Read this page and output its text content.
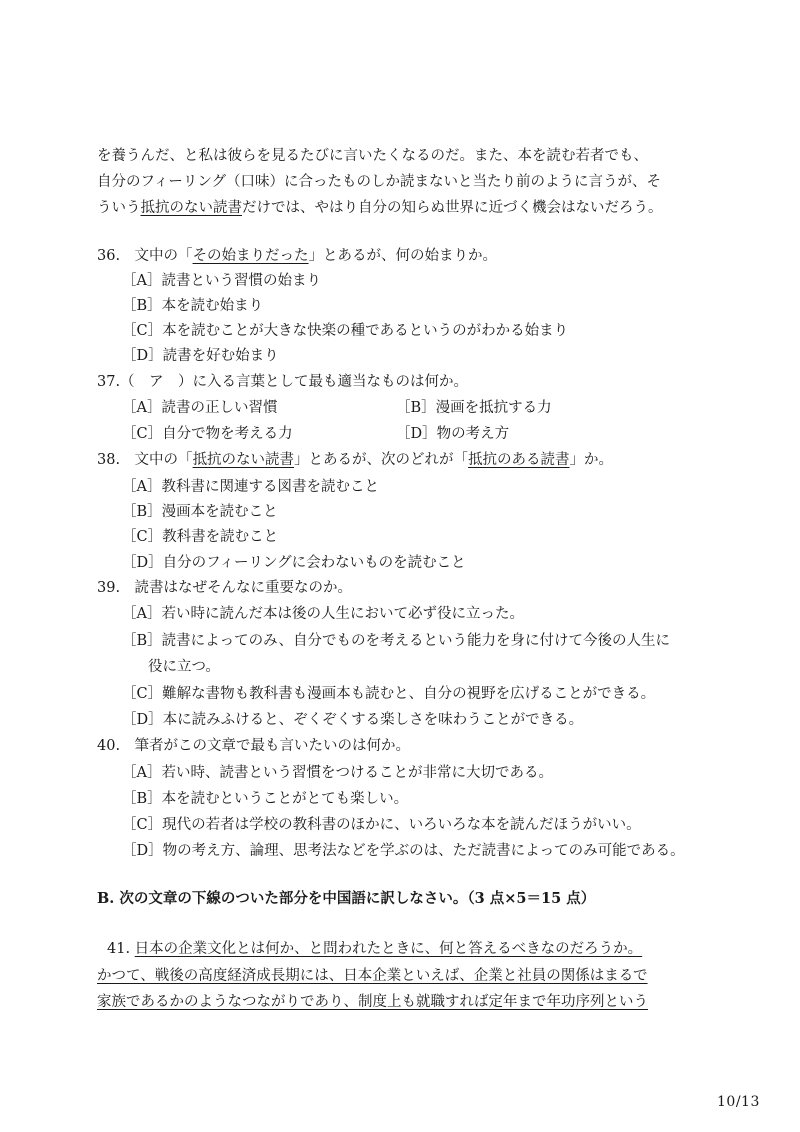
を養うんだ、と私は彼らを見るたびに言いたくなるのだ。また、本を読む若者でも、
自分のフィーリング（口味）に合ったものしか読まないと当たり前のように言うが、そ
ういう抵抗のない読書だけでは、やはり自分の知らぬ世界に近づく機会はないだろう。
36.　文中の「その始まりだった」とあるが、何の始まりか。
［A］読書という習慣の始まり
［B］本を読む始まり
［C］本を読むことが大きな快楽の種であるというのがわかる始まり
［D］読書を好む始まり
37.（　ア　）に入る言葉として最も適当なものは何か。
［A］読書の正しい習慣	［B］漫画を抵抗する力
［C］自分で物を考える力	［D］物の考え方
38.　文中の「抵抗のない読書」とあるが、次のどれが「抵抗のある読書」か。
［A］教科書に関連する図書を読むこと
［B］漫画本を読むこと
［C］教科書を読むこと
［D］自分のフィーリングに会わないものを読むこと
39.　読書はなぜそんなに重要なのか。
［A］若い時に読んだ本は後の人生において必ず役に立った。
［B］読書によってのみ、自分でものを考えるという能力を身に付けて今後の人生に
役に立つ。
［C］難解な書物も教科書も漫画本も読むと、自分の視野を広げることができる。
［D］本に読みふけると、ぞくぞくする楽しさを味わうことができる。
40.　筆者がこの文章で最も言いたいのは何か。
［A］若い時、読書という習慣をつけることが非常に大切である。
［B］本を読むということがとても楽しい。
［C］現代の若者は学校の教科書のほかに、いろいろな本を読んだほうがいい。
［D］物の考え方、論理、思考法などを学ぶのは、ただ読書によってのみ可能である。
B. 次の文章の下線のついた部分を中国語に訳しなさい。（3 点×5＝15 点）
41. 日本の企業文化とは何か、と問われたときに、何と答えるべきなのだろうか。
かつて、戦後の高度経済成長期には、日本企業といえば、企業と社員の関係はまるで
家族であるかのようなつながりであり、制度上も就職すれば定年まで年功序列という
10/13
